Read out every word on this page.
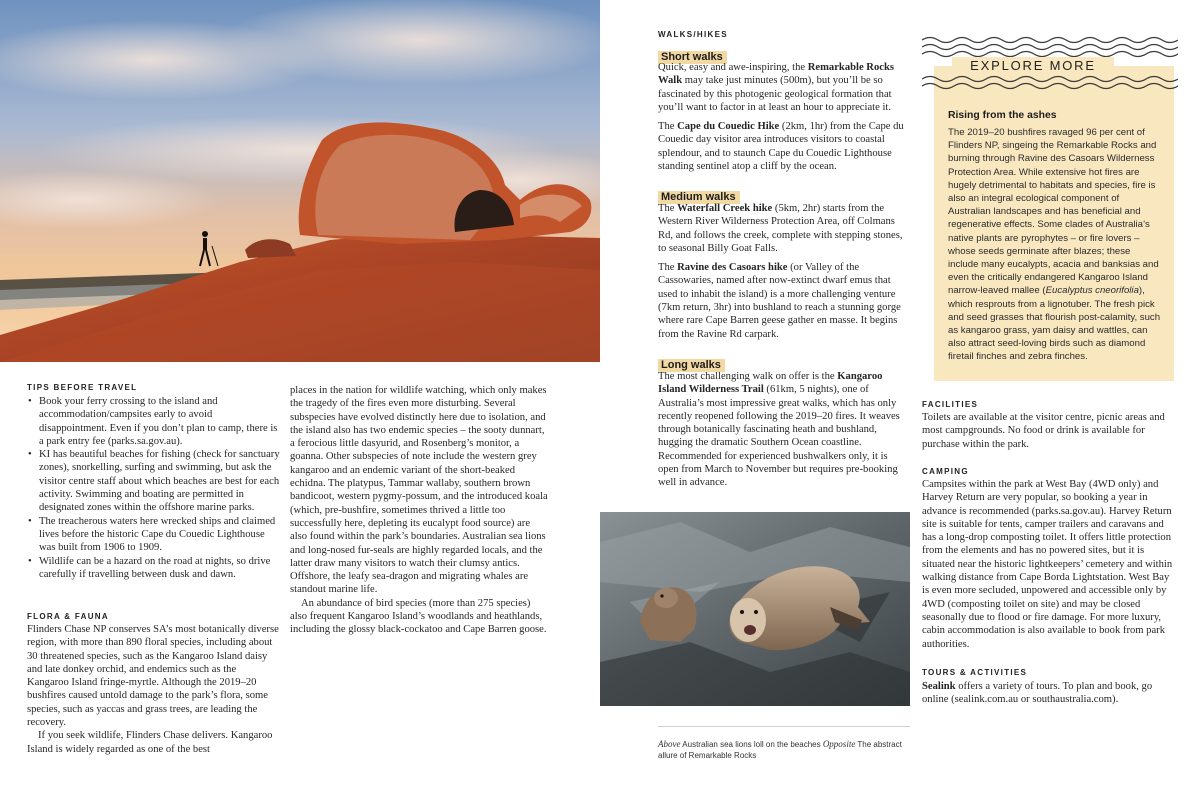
TIPS BEFORE TRAVEL
• Book your ferry crossing to the island and accommodation/campsites early to avoid disappointment. Even if you don’t plan to camp, there is a park entry fee (parks.sa.gov.au).
• KI has beautiful beaches for fishing (check for sanctuary zones), snorkelling, surfing and swimming, but ask the visitor centre staff about which beaches are best for each activity. Swimming and boating are permitted in designated zones within the offshore marine parks.
• The treacherous waters here wrecked ships and claimed lives before the historic Cape du Couedic Lighthouse was built from 1906 to 1909.
• Wildlife can be a hazard on the road at nights, so drive carefully if travelling between dusk and dawn.
FLORA & FAUNA

Flinders Chase NP conserves SA’s most botanically diverse region, with more than 890 floral species, including about 30 threatened species, such as the Kangaroo Island daisy and late donkey orchid, and endemics such as the Kangaroo Island fringe-myrtle. Although the 2019–20 bushfires caused untold damage to the park’s flora, some species, such as yaccas and grass trees, are leading the recovery.

If you seek wildlife, Flinders Chase delivers. Kangaroo Island is widely regarded as one of the best

places in the nation for wildlife watching, which only makes the tragedy of the fires even more disturbing. Several subspecies have evolved distinctly here due to isolation, and the island also has two endemic species – the sooty dunnart, a ferocious little dasyurid, and Rosenberg’s monitor, a goanna. Other subspecies of note include the western grey kangaroo and an endemic variant of the short-beaked echidna. The platypus, Tammar wallaby, southern brown bandicoot, western pygmy-possum, and the introduced koala (which, pre-bushfire, sometimes thrived a little too successfully here, depleting its eucalypt food source) are also found within the park’s boundaries. Australian sea lions and long-nosed fur-seals are highly regarded locals, and the latter draw many visitors to watch their clumsy antics. Offshore, the leafy sea-dragon and migrating whales are standout marine life.

An abundance of bird species (more than 275 species) also frequent Kangaroo Island’s woodlands and heathlands, including the glossy black-cockatoo and Cape Barren goose.

WALKS/HIKES
Short walks

Quick, easy and awe-inspiring, the Remarkable Rocks Walk may take just minutes (500m), but you’ll be so fascinated by this photogenic geological formation that you’ll want to factor in at least an hour to appreciate it.

The Cape du Couedic Hike (2km, 1hr) from the Cape du Couedic day visitor area introduces visitors to coastal splendour, and to staunch Cape du Couedic Lighthouse standing sentinel atop a cliff by the ocean.

Medium walks

The Waterfall Creek hike (5km, 2hr) starts from the Western River Wilderness Protection Area, off Colmans Rd, and follows the creek, complete with stepping stones, to seasonal Billy Goat Falls.

The Ravine des Casoars hike (or Valley of the Cassowaries, named after now-extinct dwarf emus that used to inhabit the island) is a more challenging venture (7km return, 3hr) into bushland to reach a stunning gorge where rare Cape Barren geese gather en masse. It begins from the Ravine Rd carpark.

Long walks

The most challenging walk on offer is the Kangaroo Island Wilderness Trail (61km, 5 nights), one of Australia’s most impressive great walks, which has only recently reopened following the 2019–20 fires. It weaves through botanically fascinating heath and bushland, hugging the dramatic Southern Ocean coastline. Recommended for experienced bushwalkers only, it is open from March to November but requires pre-booking well in advance.

Above Australian sea lions loll on the beaches Opposite The abstract allure of Remarkable Rocks
EXPLORE MORE
Rising from the ashes
The 2019–20 bushfires ravaged 96 per cent of Flinders NP, singeing the Remarkable Rocks and burning through Ravine des Casoars Wilderness Protection Area. While extensive hot fires are hugely detrimental to habitats and species, fire is also an integral ecological component of Australian landscapes and has beneficial and regenerative effects. Some clades of Australia’s native plants are pyrophytes – or fire lovers – whose seeds germinate after blazes; these include many eucalypts, acacia and banksias and even the critically endangered Kangaroo Island narrow-leaved mallee (Eucalyptus cneorifolia), which resprouts from a lignotuber. The fresh pick and seed grasses that flourish post-calamity, such as kangaroo grass, yam daisy and wattles, can also attract seed-loving birds such as diamond firetail finches and zebra finches.
FACILITIES
Toilets are available at the visitor centre, picnic areas and most campgrounds. No food or drink is available for purchase within the park.
CAMPING
Campsites within the park at West Bay (4WD only) and Harvey Return are very popular, so booking a year in advance is recommended (parks.sa.gov.au). Harvey Return site is suitable for tents, camper trailers and caravans and has a long-drop composting toilet. It offers little protection from the elements and has no powered sites, but it is situated near the historic lightkeepers’ cemetery and within walking distance from Cape Borda Lightstation. West Bay is even more secluded, unpowered and accessible only by 4WD (composting toilet on site) and may be closed seasonally due to flood or fire damage. For more luxury, cabin accommodation is also available to book from park authorities.
TOURS & ACTIVITIES
Sealink offers a variety of tours. To plan and book, go online (sealink.com.au or southaustralia.com).
